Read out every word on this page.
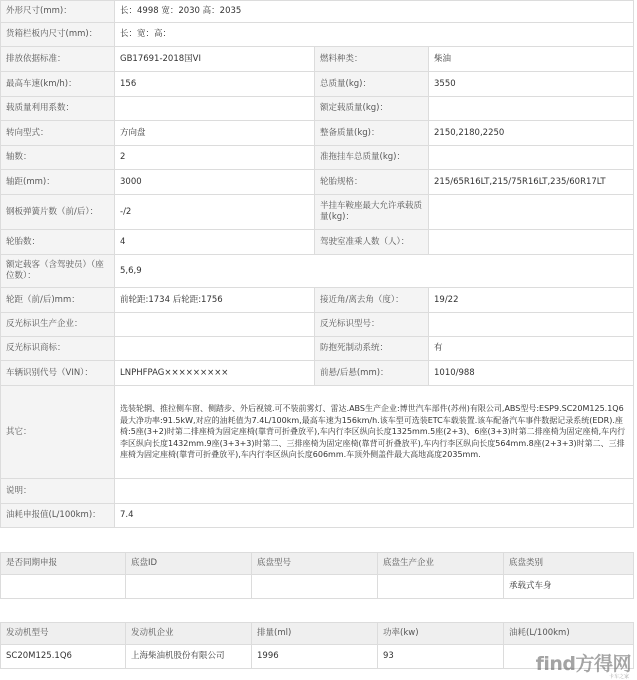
外形尺寸(mm)：	长：4998 宽：2030 高：2035		
货箱栏板内尺寸(mm)：	长：宽：高：		
排放依据标准：	GB17691-2018国VI	燃料种类：	柴油
最高车速(km/h)：	156	总质量(kg)：	3550
载质量利用系数：		额定载质量(kg)：	
转向型式：	方向盘	整备质量(kg)：	2150,2180,2250
轴数：	2	准拖挂车总质量(kg)：	
轴距(mm)：	3000	轮胎规格：	215/65R16LT,215/75R16LT,235/60R17LT
钢板弹簧片数（前/后）：	-/2	半挂车鞍座最大允许承载质量(kg)：	
轮胎数：	4	驾驶室准乘人数（人）：	
额定载客（含驾驶员）（座位数）：	5,6,9		
轮距（前/后)mm：	前轮距:1734 后轮距:1756	接近角/离去角（度）：	19/22
反光标识生产企业：		反光标识型号：	
反光标识商标：		防抱死制动系统：	有
车辆识别代号（VIN）：	LNPHFPAG×××××××××	前悬/后悬(mm)：	1010/988
其它：	选装轮辋、推拉侧车窗、侧踏步、外后视镜.可不装前雾灯、雷达.ABS生产企业:博世汽车部件(苏州)有限公司,ABS型号:ESP9.SC20M125.1Q6最大净功率:91.5kW,对应的油耗值为7.4L/100km,最高车速为156km/h.该车型可选装ETC车载装置.该车配备汽车事件数据记录系统(EDR).座椅:5座(3+2)时第二排座椅为固定座椅(靠背可折叠放平),车内行李区纵向长度1325mm.5座(2+3)、6座(3+3)时第二排座椅为固定座椅,车内行李区纵向长度1432mm.9座(3+3+3)时第二、三排座椅为固定座椅(靠背可折叠放平),车内行李区纵向长度564mm.8座(2+3+3)时第二、三排座椅为固定座椅(靠背可折叠放平),车内行李区纵向长度606mm.车顶外侧盖件最大高地高度2035mm.		
说明：			
油耗申报值(L/100km)：	7.4		
是否同期申报	底盘ID	底盘型号	底盘生产企业	底盘类别
				承载式车身
发动机型号	发动机企业	排量(ml)	功率(kw)	油耗(L/100km)
SC20M125.1Q6	上海柴油机股份有限公司	1996	93		find方得网
卡车之家
